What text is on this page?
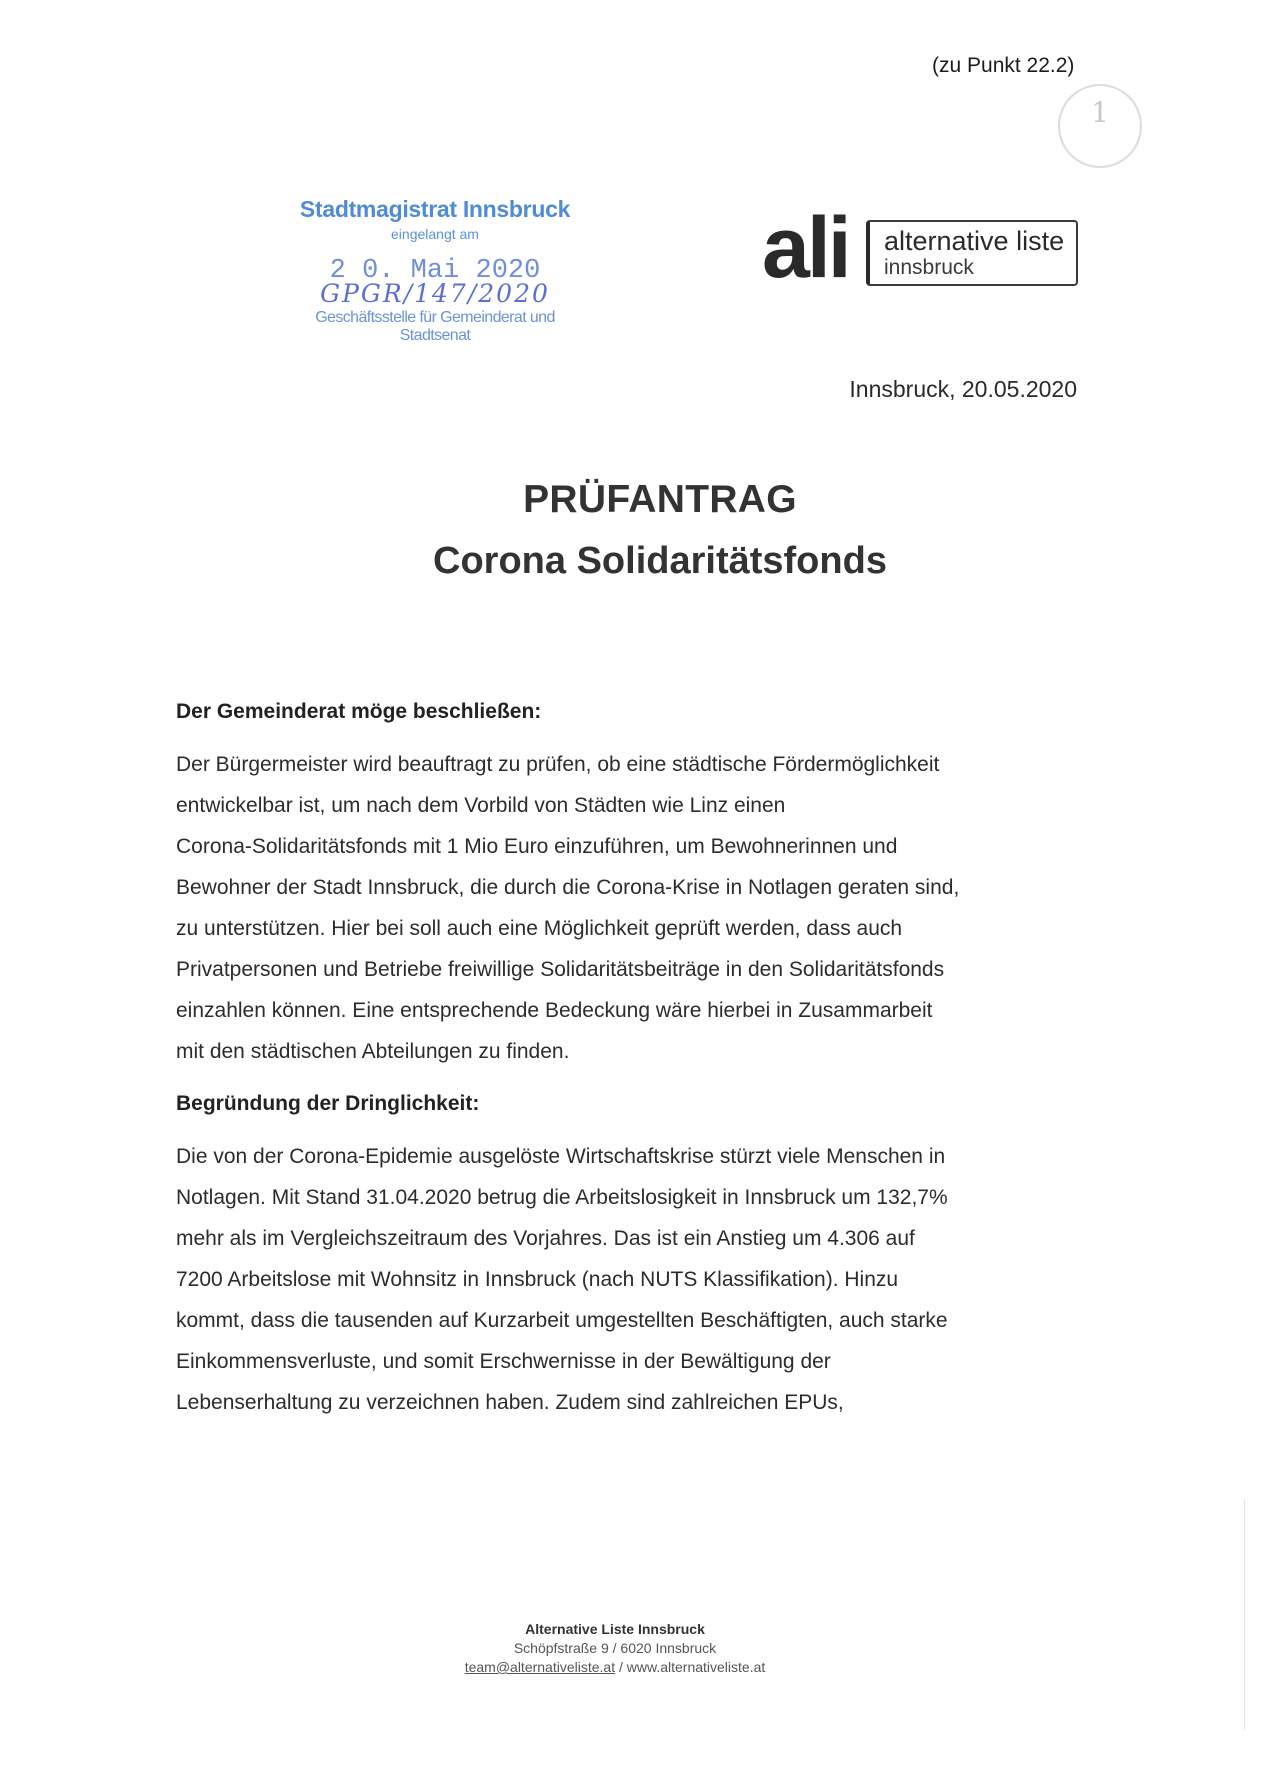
(zu Punkt 22.2)
1
Stadtmagistrat Innsbruck
eingelangt am
2 0. Mai 2020
GPGR/147/2020
Geschäftsstelle für Gemeinderat und Stadtsenat
ali alternative liste
innsbruck
Innsbruck, 20.05.2020
PRÜFANTRAG
Corona Solidaritätsfonds
Der Gemeinderat möge beschließen:

Der Bürgermeister wird beauftragt zu prüfen, ob eine städtische Fördermöglichkeit

entwickelbar ist, um nach dem Vorbild von Städten wie Linz einen

Corona-Solidaritätsfonds mit 1 Mio Euro einzuführen, um Bewohnerinnen und

Bewohner der Stadt Innsbruck, die durch die Corona-Krise in Notlagen geraten sind,

zu unterstützen. Hier bei soll auch eine Möglichkeit geprüft werden, dass auch

Privatpersonen und Betriebe freiwillige Solidaritätsbeiträge in den Solidaritätsfonds

einzahlen können. Eine entsprechende Bedeckung wäre hierbei in Zusammarbeit

mit den städtischen Abteilungen zu finden.

Begründung der Dringlichkeit:

Die von der Corona-Epidemie ausgelöste Wirtschaftskrise stürzt viele Menschen in

Notlagen. Mit Stand 31.04.2020 betrug die Arbeitslosigkeit in Innsbruck um 132,7%

mehr als im Vergleichszeitraum des Vorjahres. Das ist ein Anstieg um 4.306 auf

7200 Arbeitslose mit Wohnsitz in Innsbruck (nach NUTS Klassifikation). Hinzu

kommt, dass die tausenden auf Kurzarbeit umgestellten Beschäftigten, auch starke

Einkommensverluste, und somit Erschwernisse in der Bewältigung der

Lebenserhaltung zu verzeichnen haben. Zudem sind zahlreichen EPUs,

Alternative Liste Innsbruck
Schöpfstraße 9 / 6020 Innsbruck
team@alternativeliste.at / www.alternativeliste.at
